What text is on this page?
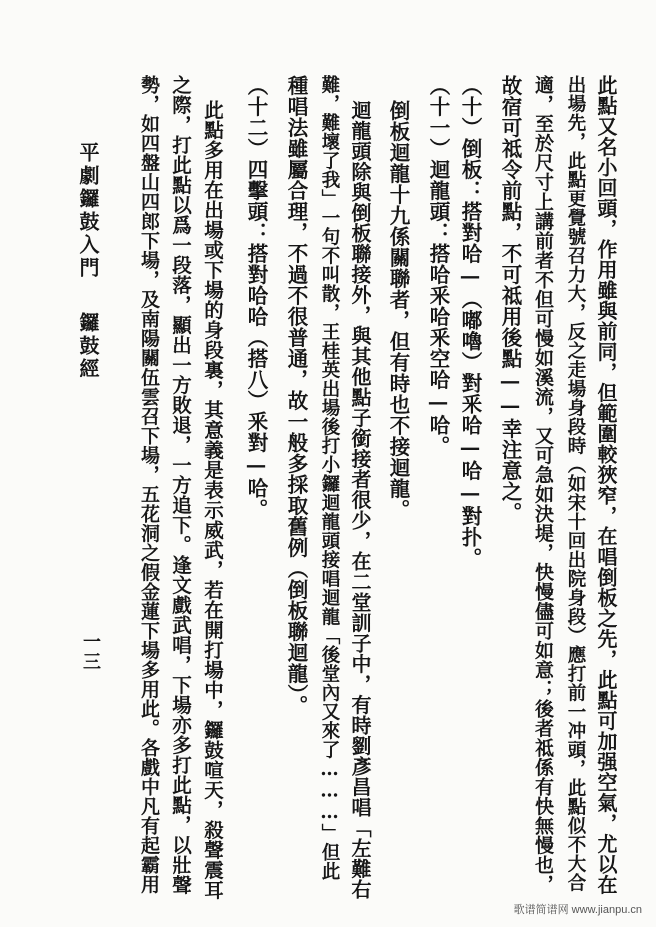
此點又名小回頭，作用雖與前同，但範圍較狹窄，在唱倒板之先，此點可加强空氣，尤以在
出場先，此點更覺號召力大，反之走場身段時（如宋十回出院身段）應打前一冲頭，此點似不大合
適，至於尺寸上講前者不但可慢如溪流，又可急如決堤，快慢儘可如意；後者祗係有快無慢也，
故宿可祗令前點，不可祗用後點——幸注意之。
（十）倒板：搭對哈—（嘟嚕）對釆哈—哈—對扑。
（十一）迴龍頭：搭哈釆哈釆空哈—哈。
倒板迴龍十九係關聯者，但有時也不接迴龍。
迴龍頭除與倒板聯接外，與其他點子銜接者很少，在二堂訓子中，有時劉彥昌唱「左難右
難，難壞了我」一句不叫散，王桂英出場後打小鑼迴龍頭接唱迴龍「後堂內又來了………」但此
種唱法雖屬合理，不過不很普通，故一般多採取舊例（倒板聯迴龍）。
（十二）四擊頭：搭對哈哈（搭八）釆對—哈。
此點多用在出場或下場的身段裏，其意義是表示威武，若在開打場中，鑼鼓喧天，殺聲震耳
之際，打此點以爲一段落，顯出一方敗退，一方追下。逢文戲武唱，下場亦多打此點，以壯聲
勢，如四盤山四郎下場，及南陽關伍雲召下場，五花洞之假金蓮下場多用此。各戲中凡有起霸用
平劇鑼鼓入門
鑼鼓經
一三
歌谱简谱网 www.jianpu.cn
